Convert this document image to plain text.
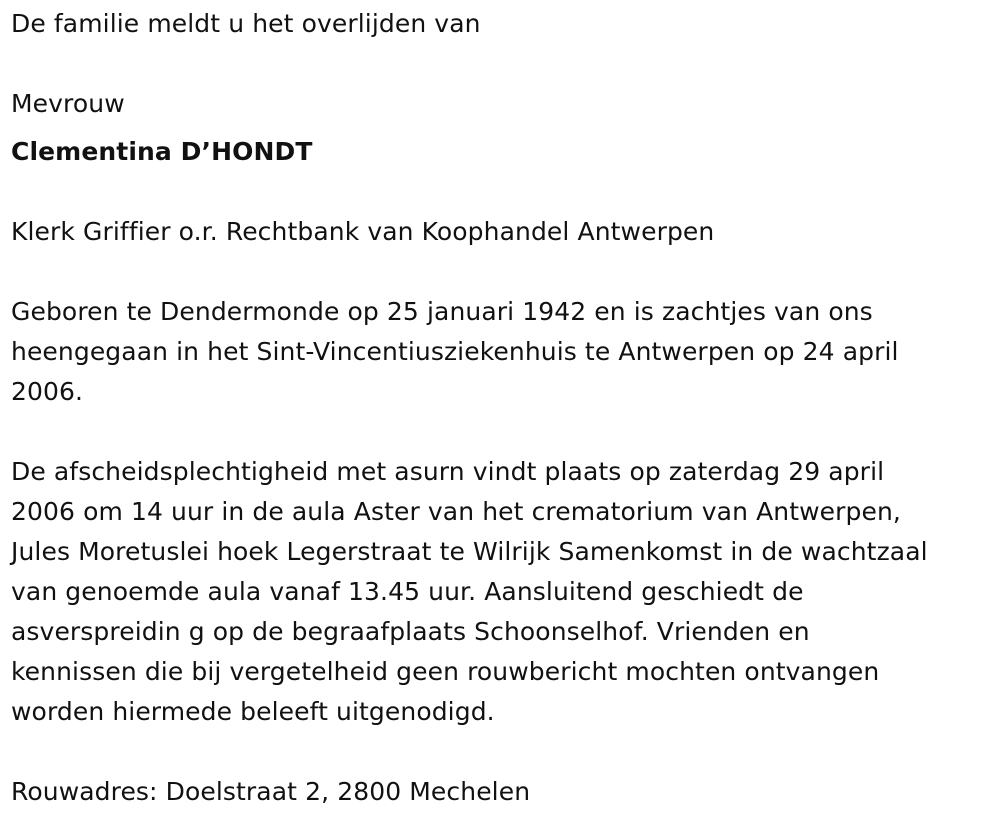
De familie meldt u het overlijden van

Mevrouw

Clementina D’HONDT

Klerk Griffier o.r. Rechtbank van Koophandel Antwerpen

Geboren te Dendermonde op 25 januari 1942 en is zachtjes van ons

heengegaan in het Sint-Vincentiusziekenhuis te Antwerpen op 24 april

2006.

De afscheidsplechtigheid met asurn vindt plaats op zaterdag 29 april

2006 om 14 uur in de aula Aster van het crematorium van Antwerpen,

Jules Moretuslei hoek Legerstraat te Wilrijk Samenkomst in de wachtzaal

van genoemde aula vanaf 13.45 uur. Aansluitend geschiedt de

asverspreidin g op de begraafplaats Schoonselhof. Vrienden en

kennissen die bij vergetelheid geen rouwbericht mochten ontvangen

worden hiermede beleeft uitgenodigd.

Rouwadres: Doelstraat 2, 2800 Mechelen
